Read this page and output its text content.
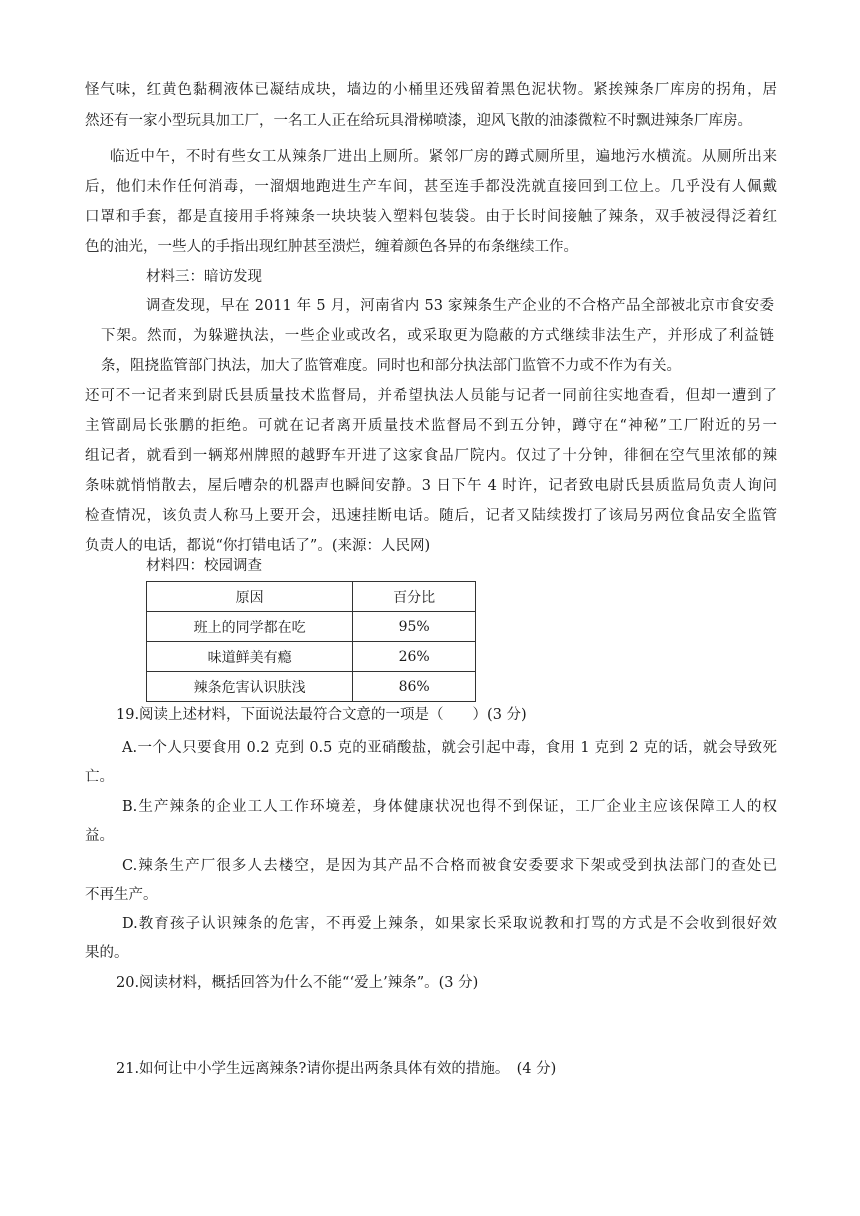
怪气味，红黄色黏稠液体已凝结成块，墙边的小桶里还残留着黑色泥状物。紧挨辣条厂库房的拐角，居
然还有一家小型玩具加工厂，一名工人正在给玩具滑梯喷漆，迎风飞散的油漆微粒不时飘进辣条厂库房。
临近中午，不时有些女工从辣条厂进出上厕所。紧邻厂房的蹲式厕所里，遍地污水横流。从厕所出来
后，他们未作任何消毒，一溜烟地跑进生产车间，甚至连手都没洗就直接回到工位上。几乎没有人佩戴
口罩和手套，都是直接用手将辣条一块块装入塑料包装袋。由于长时间接触了辣条，双手被浸得泛着红
色的油光，一些人的手指出现红肿甚至溃烂，缠着颜色各异的布条继续工作。
材料三：暗访发现
调查发现，早在 2011 年 5 月，河南省内 53 家辣条生产企业的不合格产品全部被北京市食安委
下架。然而，为躲避执法，一些企业或改名，或采取更为隐蔽的方式继续非法生产，并形成了利益链
条，阻挠监管部门执法，加大了监管难度。同时也和部分执法部门监管不力或不作为有关。
还可不一记者来到尉氏县质量技术监督局，并希望执法人员能与记者一同前往实地查看，但却一遭到了
主管副局长张鹏的拒绝。可就在记者离开质量技术监督局不到五分钟，蹲守在“神秘”工厂附近的另一
组记者，就看到一辆郑州牌照的越野车开进了这家食品厂院内。仅过了十分钟，徘徊在空气里浓郁的辣
条味就悄悄散去，屋后嘈杂的机器声也瞬间安静。3 日下午 4 时许，记者致电尉氏县质监局负责人询问
检查情况，该负责人称马上要开会，迅速挂断电话。随后，记者又陆续拨打了该局另两位食品安全监管
负责人的电话，都说“你打错电话了”。(来源：人民网)
材料四：校园调查
原因	百分比
班上的同学都在吃	95%
味道鲜美有瘾	26%
辣条危害认识肤浅	86%
19.阅读上述材料，下面说法最符合文意的一项是（　　）(3 分)
A.一个人只要食用 0.2 克到 0.5 克的亚硝酸盐，就会引起中毒，食用 1 克到 2 克的话，就会导致死
亡。
B.生产辣条的企业工人工作环境差，身体健康状况也得不到保证，工厂企业主应该保障工人的权
益。
C.辣条生产厂很多人去楼空，是因为其产品不合格而被食安委要求下架或受到执法部门的查处已
不再生产。
D.教育孩子认识辣条的危害，不再爱上辣条，如果家长采取说教和打骂的方式是不会收到很好效
果的。
20.阅读材料，概括回答为什么不能“‘爱上’辣条”。(3 分)
21.如何让中小学生远离辣条?请你提出两条具体有效的措施。　(4 分)
